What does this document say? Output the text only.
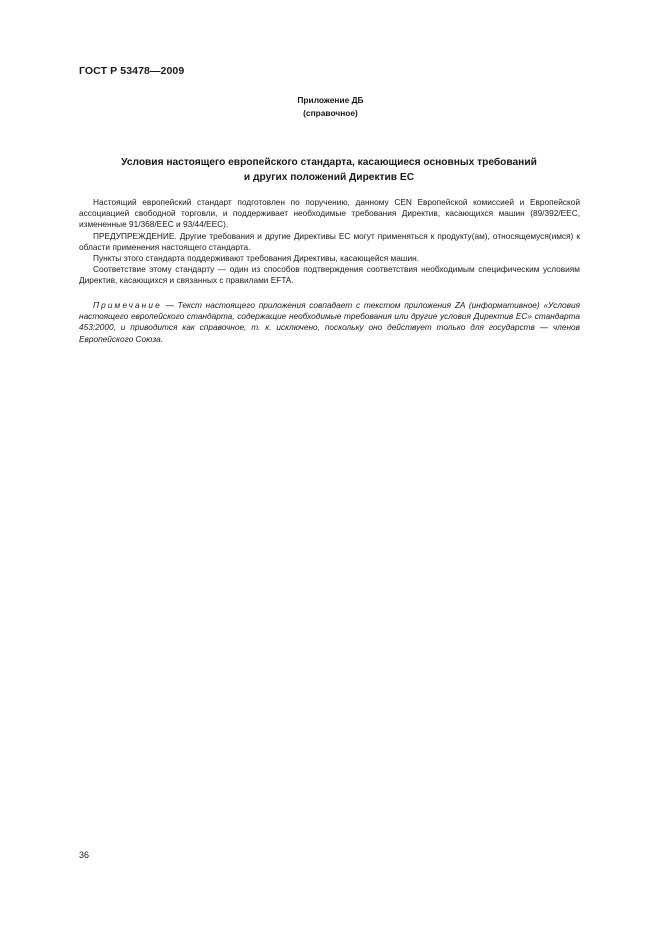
ГОСТ Р 53478—2009
Приложение ДБ
(справочное)
Условия настоящего европейского стандарта, касающиеся основных требований
и других положений Директив ЕС

Настоящий европейский стандарт подготовлен по поручению, данному CEN Европейской комиссией и Европейской ассоциацией свободной торговли, и поддерживает необходимые требования Директив, касающихся машин (89/392/EEC, измененные 91/368/EEC и 93/44/EEC).

ПРЕДУПРЕЖДЕНИЕ. Другие требования и другие Директивы ЕС могут применяться к продукту(ам), относящемуся(имся) к области применения настоящего стандарта.

Пункты этого стандарта поддерживают требования Директивы, касающейся машин.

Соответствие этому стандарту — один из способов подтверждения соответствия необходимым специфическим условиям Директив, касающихся и связанных с правилами EFTA.

Примечание — Текст настоящего приложения совпадает с текстом приложения ZA (информативное) «Условия настоящего европейского стандарта, содержащие необходимые требования или другие условия Директив ЕС» стандарта 453:2000, и приводится как справочное, т. к. исключено, поскольку оно действует только для государств — членов Европейского Союза.
36
